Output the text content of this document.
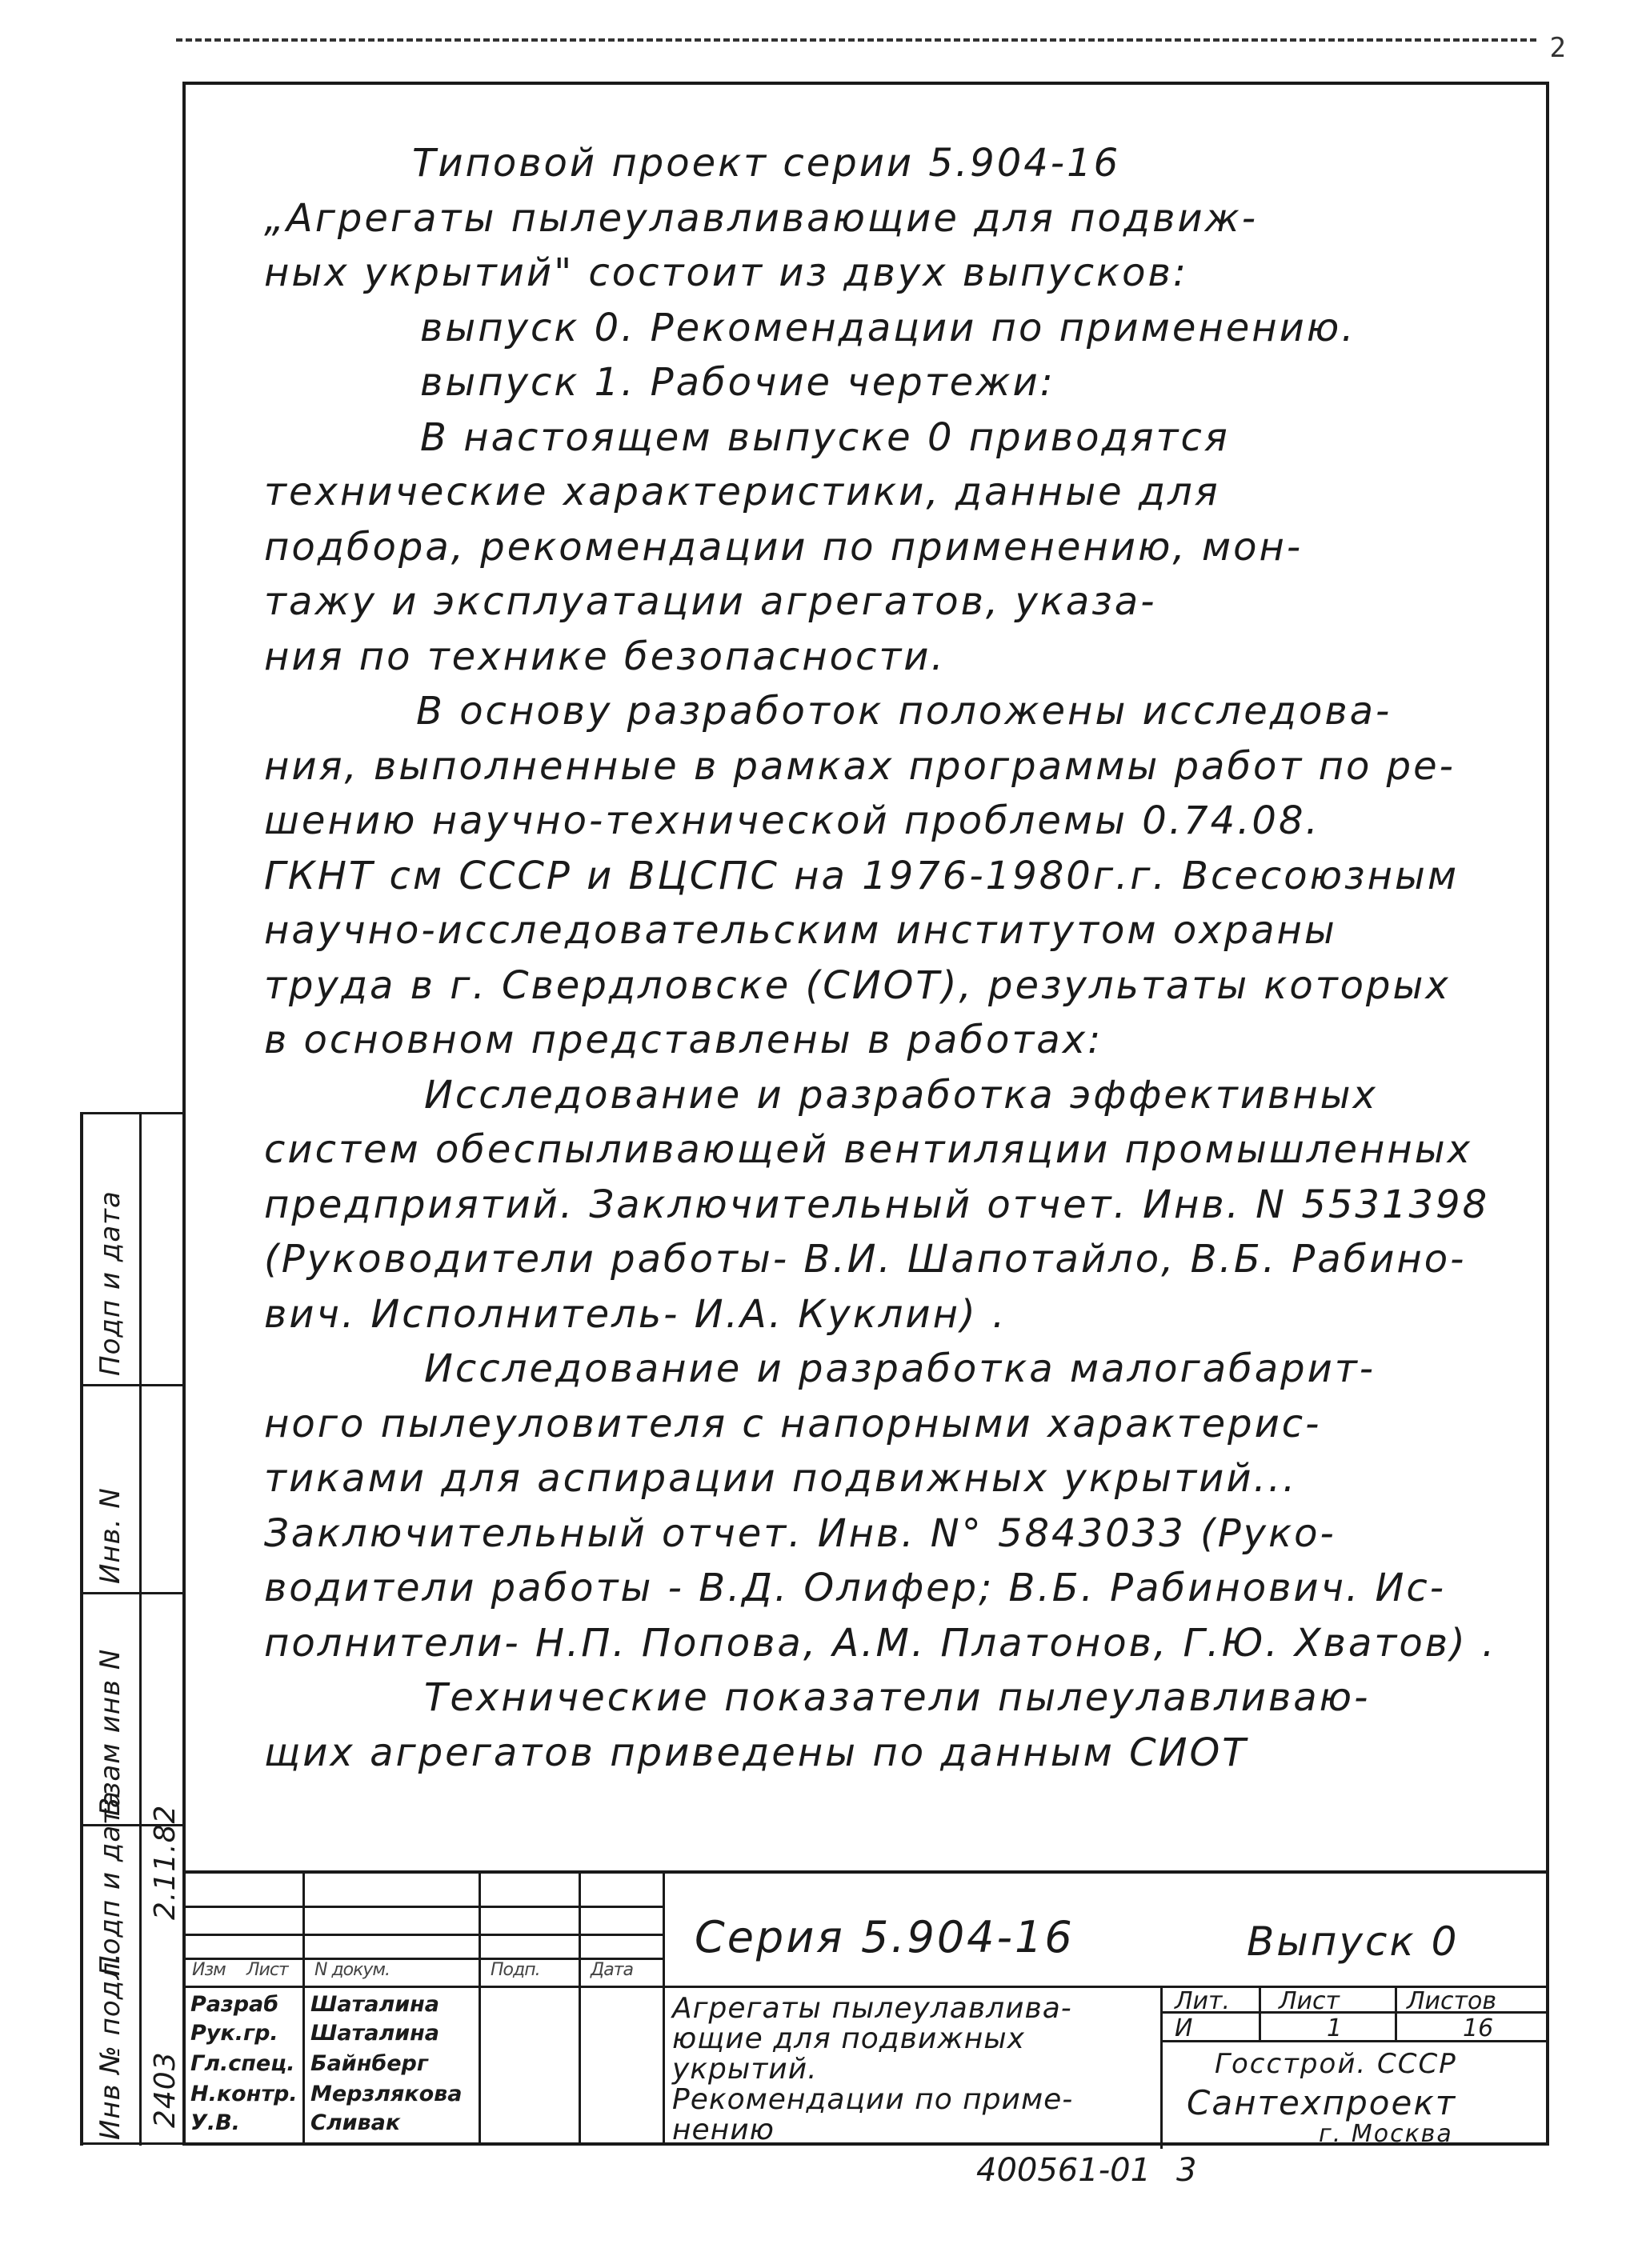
2
Типовой проект серии 5.904-16
„Агрегаты пылеулавливающие для подвиж-
ных укрытий" состоит из двух выпусков:
выпуск 0. Рекомендации по применению.
выпуск 1. Рабочие чертежи:
В настоящем выпуске 0 приводятся
технические характеристики, данные для
подбора, рекомендации по применению, мон-
тажу и эксплуатации агрегатов, указа-
ния по технике безопасности.
В основу разработок положены исследова-
ния, выполненные в рамках программы работ по ре-
шению научно-технической проблемы 0.74.08.
ГКНТ см СССР и ВЦСПС на 1976-1980г.г. Всесоюзным
научно-исследовательским институтом охраны
труда в г. Свердловске (СИОТ), результаты которых
в основном представлены в работах:
Исследование и разработка эффективных
систем обеспыливающей вентиляции промышленных
предприятий. Заключительный отчет. Инв. N 5531398
(Руководители работы- В.И. Шапотайло, В.Б. Рабино-
вич. Исполнитель- И.А. Куклин) .
Исследование и разработка малогабарит-
ного пылеуловителя с напорными характерис-
тиками для аспирации подвижных укрытий...
Заключительный отчет. Инв. N° 5843033 (Руко-
водители работы - В.Д. Олифер; В.Б. Рабинович. Ис-
полнители- Н.П. Попова, А.М. Платонов, Г.Ю. Хватов) .
Технические показатели пылеулавливаю-
щих агрегатов приведены по данным СИОТ
Подп и дата
Инв. N
Взам инв N
Подп и дата
Инв № подл.
2.11.82
2403
Изм Лист N докум.	Подп.	Дата
Разраб Шаталина
Рук.гр. Шаталина
Гл.спец. Байнберг
Н.контр. Мерзлякова
У.В.	Сливак
Серия 5.904-16	Выпуск 0
Агрегаты пылеулавлива-
ющие для подвижных
укрытий.
Рекомендации по приме-
нению
Лит. Лист	Листов
И	1	16
Госстрой. СССР
Сантехпроект
г. Москва
400561-01 3
